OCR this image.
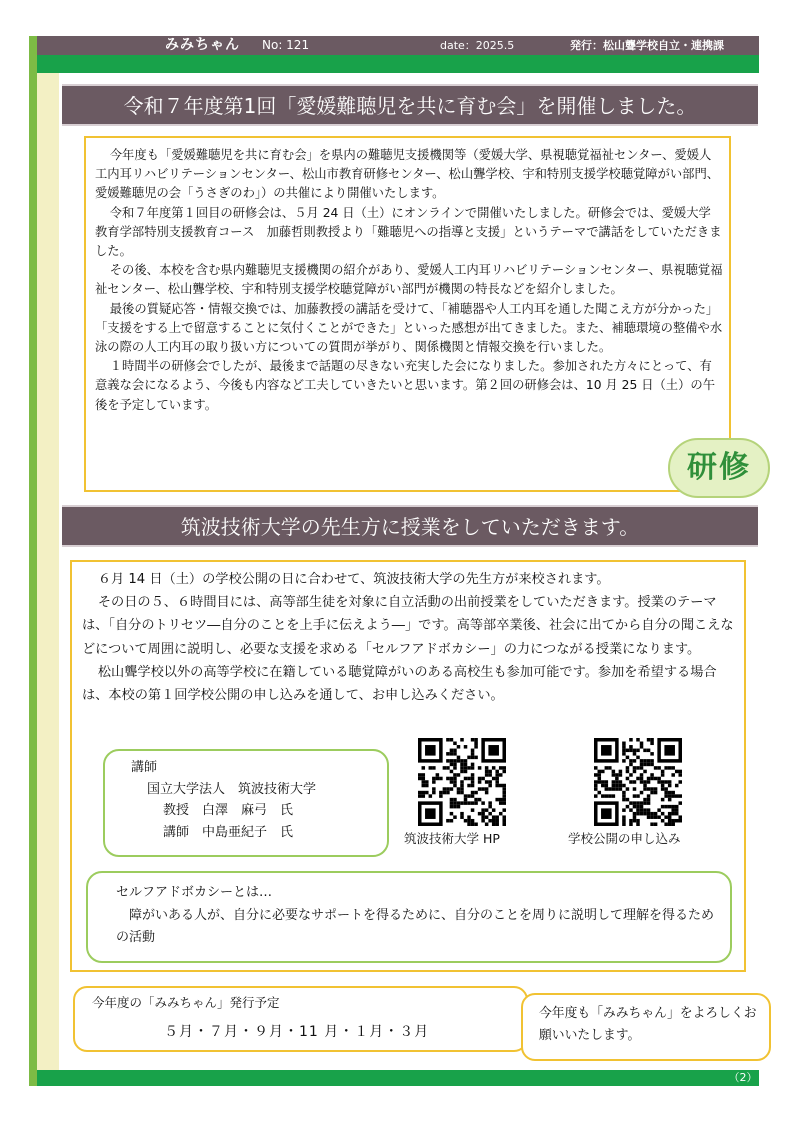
みみちゃん No: 121	date：2025.5	発行：松山聾学校自立・連携課
令和７年度第1回「愛媛難聴児を共に育む会」を開催しました。

今年度も「愛媛難聴児を共に育む会」を県内の難聴児支援機関等（愛媛大学、県視聴覚福祉センター、愛媛人工内耳リハビリテーションセンター、松山市教育研修センター、松山聾学校、宇和特別支援学校聴覚障がい部門、愛媛難聴児の会「うさぎのわ」）の共催により開催いたします。

令和７年度第１回目の研修会は、５月 24 日（土）にオンラインで開催いたしました。研修会では、愛媛大学教育学部特別支援教育コース　加藤哲則教授より「難聴児への指導と支援」というテーマで講話をしていただきました。

その後、本校を含む県内難聴児支援機関の紹介があり、愛媛人工内耳リハビリテーションセンター、県視聴覚福祉センター、松山聾学校、宇和特別支援学校聴覚障がい部門が機関の特長などを紹介しました。

最後の質疑応答・情報交換では、加藤教授の講話を受けて、「補聴器や人工内耳を通した聞こえ方が分かった」「支援をする上で留意することに気付くことができた」といった感想が出てきました。また、補聴環境の整備や水泳の際の人工内耳の取り扱い方についての質問が挙がり、関係機関と情報交換を行いました。

１時間半の研修会でしたが、最後まで話題の尽きない充実した会になりました。参加された方々にとって、有意義な会になるよう、今後も内容など工夫していきたいと思います。第２回の研修会は、10 月 25 日（土）の午後を予定しています。

研修
筑波技術大学の先生方に授業をしていただきます。

６月 14 日（土）の学校公開の日に合わせて、筑波技術大学の先生方が来校されます。

その日の５、６時間目には、高等部生徒を対象に自立活動の出前授業をしていただきます。授業のテーマは、「自分のトリセツ―自分のことを上手に伝えよう―」です。高等部卒業後、社会に出てから自分の聞こえなどについて周囲に説明し、必要な支援を求める「セルフアドボカシー」の力につながる授業になります。

松山聾学校以外の高等学校に在籍している聴覚障がいのある高校生も参加可能です。参加を希望する場合は、本校の第１回学校公開の申し込みを通して、お申し込みください。

講師
国立大学法人　筑波技術大学
教授　白澤　麻弓　氏
講師　中島亜紀子　氏	筑波技術大学 HP	学校公開の申し込み
セルフアドボカシーとは…
障がいある人が、自分に必要なサポートを得るために、自分のことを周りに説明して理解を得るための活動
今年度の「みみちゃん」発行予定
５月・７月・９月・11 月・１月・３月
今年度も「みみちゃん」をよろしくお願いいたします。
（2）
